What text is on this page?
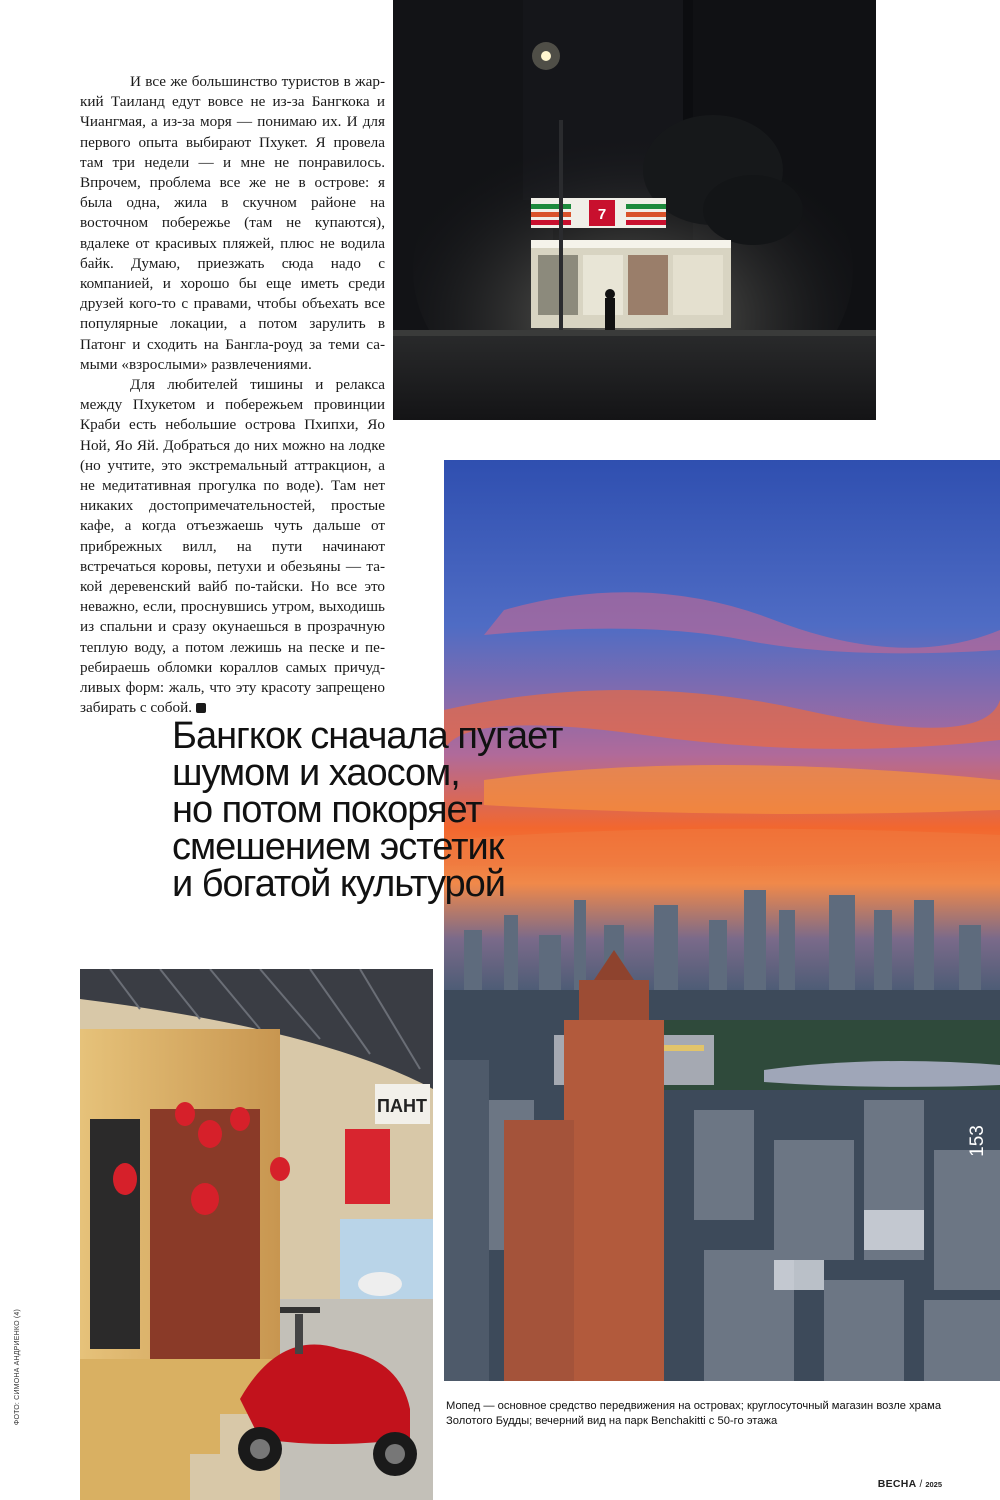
И все же большинство туристов в жаркий Таиланд едут вовсе не из-за Бангкока и Чиангмая, а из-за моря — понимаю их. И для первого опыта выбирают Пхукет. Я провела там три недели — и мне не понравилось. Впрочем, проблема все же не в острове: я была одна, жила в скучном районе на восточном побережье (там не купаются), вдалеке от красивых пляжей, плюс не водила байк. Думаю, приезжать сюда надо с компанией, и хорошо бы еще иметь среди друзей кого-то с правами, чтобы объехать все популярные локации, а потом зарулить в Патонг и сходить на Бангла-роуд за теми самыми «взрослыми» развлечениями.

Для любителей тишины и релакса между Пхукетом и побережьем провинции Краби есть небольшие острова Пхипхи, Яо Ной, Яо Яй. Добраться до них можно на лодке (но учтите, это экстремальный аттракцион, а не медитативная прогулка по воде). Там нет никаких достопримечательностей, простые кафе, а когда отъезжаешь чуть дальше от прибрежных вилл, на пути начинают встречаться коровы, петухи и обезьяны — такой деревенский вайб по-тайски. Но все это неважно, если, проснувшись утром, выходишь из спальни и сразу окунаешься в прозрачную теплую воду, а потом лежишь на песке и перебираешь обломки кораллов самых причудливых форм: жаль, что эту красоту запрещено забирать с собой.

7
ПАНТ
Бангкок сначала пугает
шумом и хаосом,
но потом покоряет
смешением эстетик
и богатой культурой
153
Мопед — основное средство передвижения на островах; круглосуточный магазин возле храма Золотого Будды; вечерний вид на парк Benchakitti с 50-го этажа
ФОТО: СИМОНА АНДРИЕНКО (4)
ВЕСНА / 2025
